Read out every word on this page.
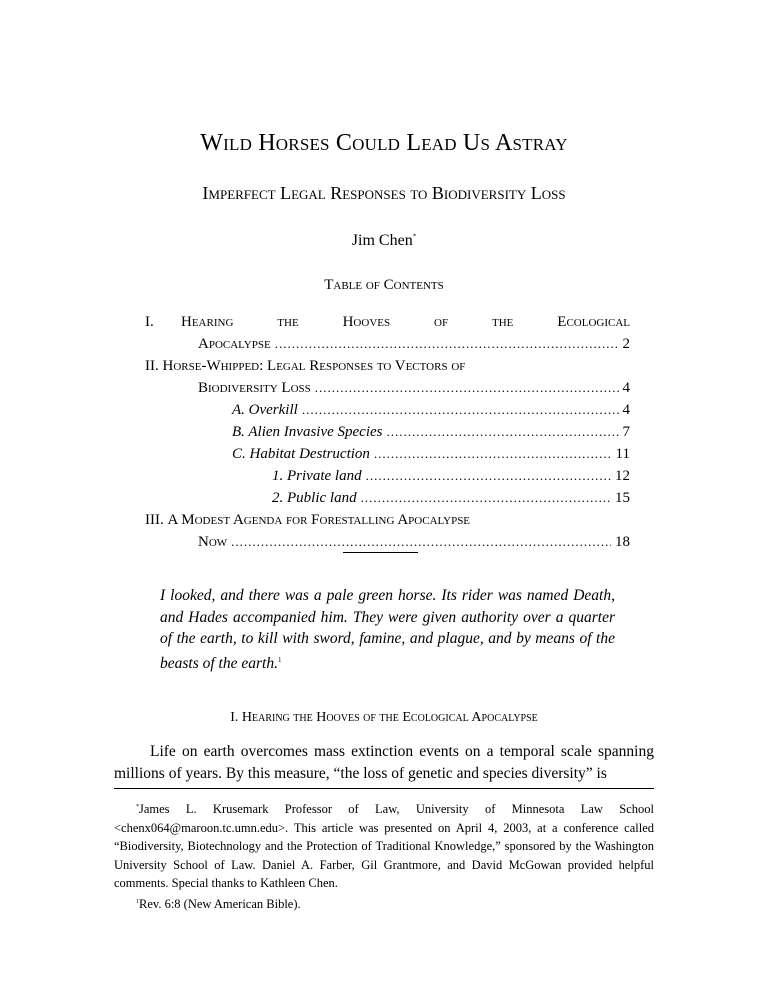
Wild Horses Could Lead Us Astray
Imperfect Legal Responses to Biodiversity Loss
Jim Chen*
Table of Contents
I. Hearing	the	Hooves	of	the	Ecological
Apocalypse .....	2
II. Horse-Whipped: Legal Responses to Vectors of
Biodiversity Loss .....	4
A. Overkill .....	4
B. Alien Invasive Species .....	7
C. Habitat Destruction .....	11
1. Private land .....	12
2. Public land .....	15
III. A Modest Agenda for Forestalling Apocalypse
Now .....	18
I looked, and there was a pale green horse. Its rider was named Death, and Hades accompanied him. They were given authority over a quarter of the earth, to kill with sword, famine, and plague, and by means of the beasts of the earth.$^1$
I. Hearing the Hooves of the Ecological Apocalypse
Life on earth overcomes mass extinction events on a temporal scale spanning millions of years. By this measure, “the loss of genetic and species diversity” is

*James L. Krusemark Professor of Law, University of Minnesota Law School <chenx064@maroon.tc.umn.edu>. This article was presented on April 4, 2003, at a conference called “Biodiversity, Biotechnology and the Protection of Traditional Knowledge,” sponsored by the Washington University School of Law. Daniel A. Farber, Gil Grantmore, and David McGowan provided helpful comments. Special thanks to Kathleen Chen.

$^1$Rev. 6:8 (New American Bible).
